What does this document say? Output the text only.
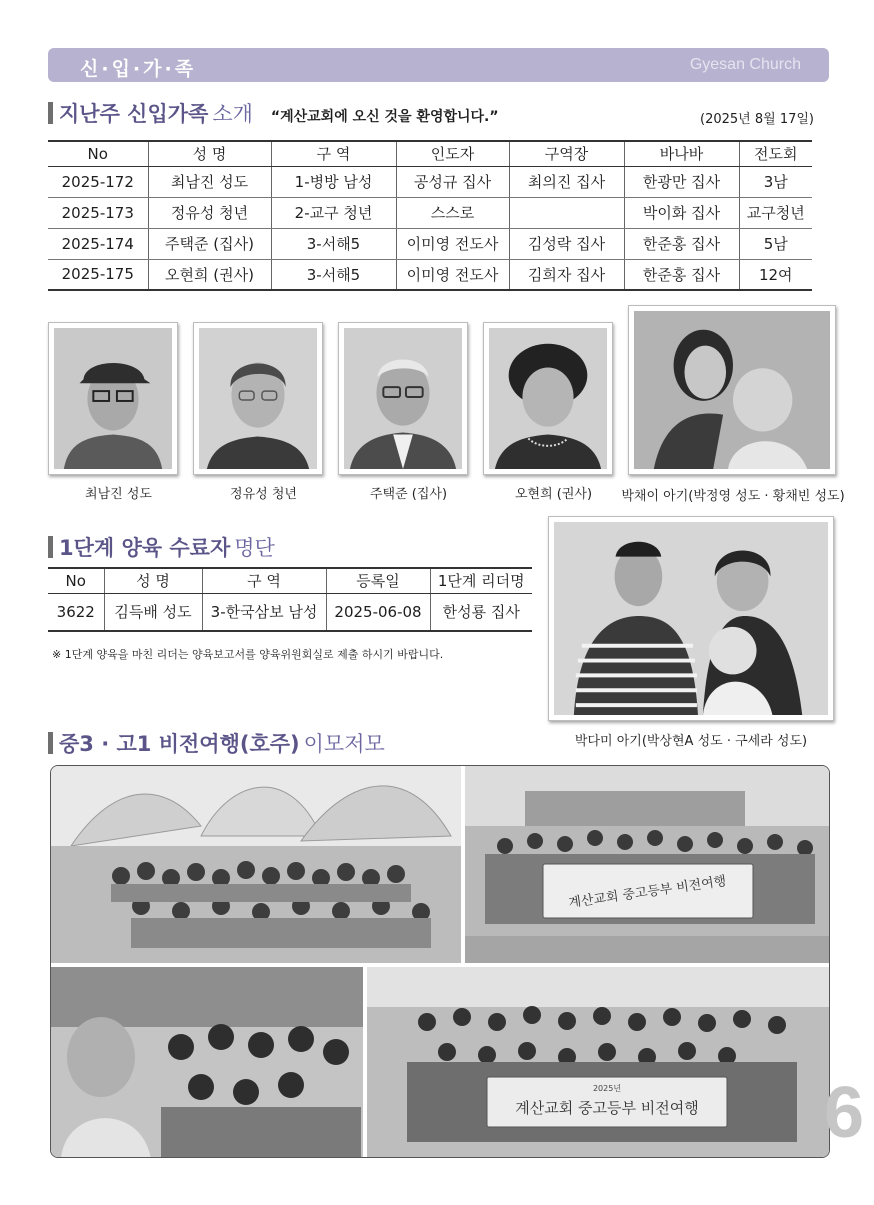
신·입·가·족	Gyesan Church
지난주 신입가족 소개 “계산교회에 오신 것을 환영합니다.”	(2025년 8월 17일)
No	성 명	구 역	인도자	구역장	바나바	전도회
2025-172	최남진 성도	1-병방 남성	공성규 집사	최의진 집사	한광만 집사	3남
2025-173	정유성 청년	2-교구 청년	스스로		박이화 집사	교구청년
2025-174	주택준 (집사)	3-서해5	이미영 전도사	김성락 집사	한준홍 집사	5남
2025-175	오현희 (권사)	3-서해5	이미영 전도사	김희자 집사	한준홍 집사	12여
최남진 성도	정유성 청년	주택준 (집사)	오현희 (권사)	박채이 아기(박정영 성도 · 황채빈 성도)
1단계 양육 수료자 명단
No	성 명	구 역	등록일	1단계 리더명
3622	김득배 성도	3-한국삼보 남성	2025-06-08	한성룡 집사
※ 1단계 양육을 마친 리더는 양육보고서를 양육위원회실로 제출 하시기 바랍니다.
박다미 아기(박상현A 성도 · 구세라 성도)
중3 · 고1 비전여행(호주) 이모저모
계산교회 중고등부 비전여행
2025년
계산교회 중고등부 비전여행 6
